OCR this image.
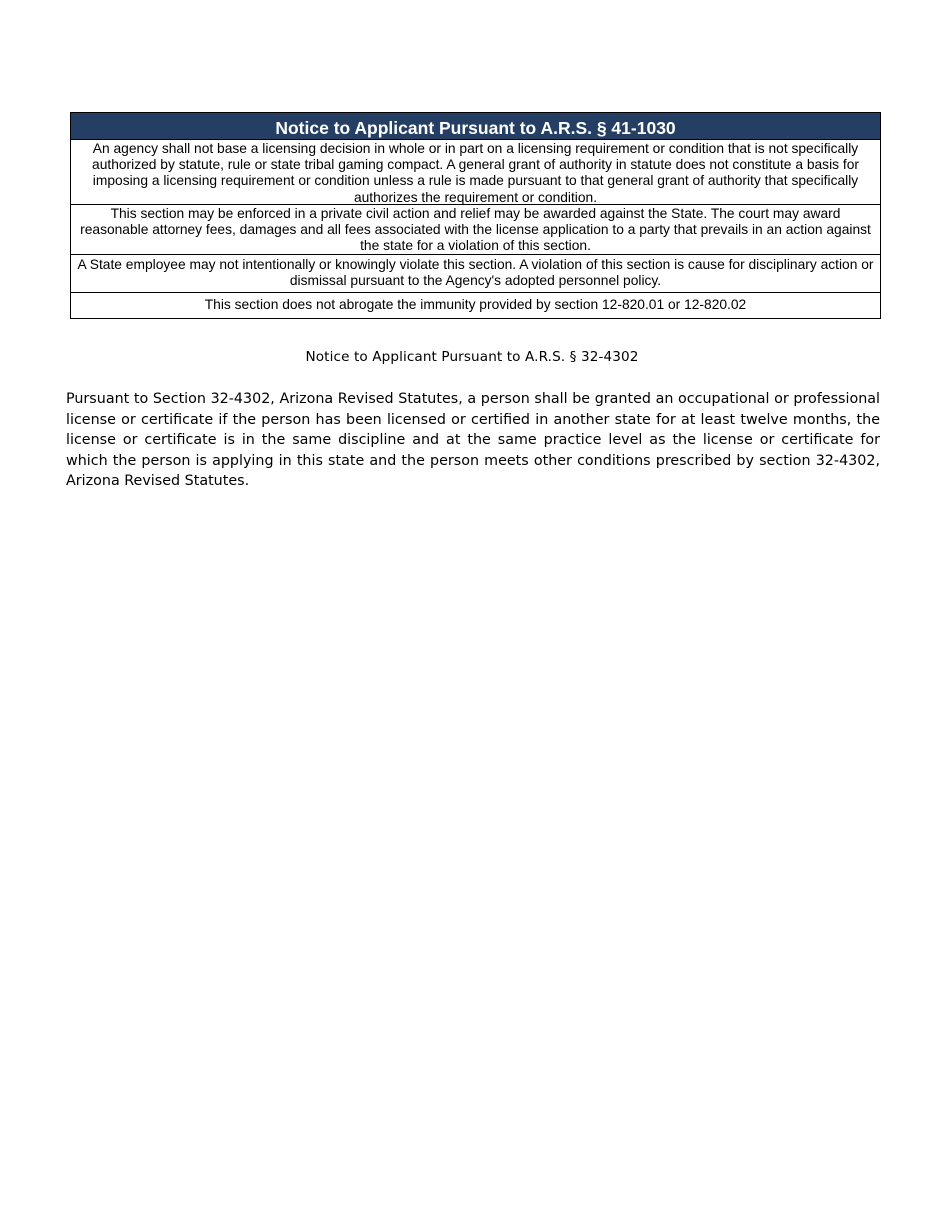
Notice to Applicant Pursuant to A.R.S. § 41-1030
An agency shall not base a licensing decision in whole or in part on a licensing requirement or condition that is not specifically authorized by statute, rule or state tribal gaming compact. A general grant of authority in statute does not constitute a basis for imposing a licensing requirement or condition unless a rule is made pursuant to that general grant of authority that specifically authorizes the requirement or condition.
This section may be enforced in a private civil action and relief may be awarded against the State. The court may award reasonable attorney fees, damages and all fees associated with the license application to a party that prevails in an action against the state for a violation of this section.
A State employee may not intentionally or knowingly violate this section. A violation of this section is cause for disciplinary action or dismissal pursuant to the Agency's adopted personnel policy.
This section does not abrogate the immunity provided by section 12-820.01 or 12-820.02
Notice to Applicant Pursuant to A.R.S. § 32-4302

Pursuant to Section 32-4302, Arizona Revised Statutes, a person shall be granted an occupational or professional license or certificate if the person has been licensed or certified in another state for at least twelve months, the license or certificate is in the same discipline and at the same practice level as the license or certificate for which the person is applying in this state and the person meets other conditions prescribed by section 32-4302, Arizona Revised Statutes.
